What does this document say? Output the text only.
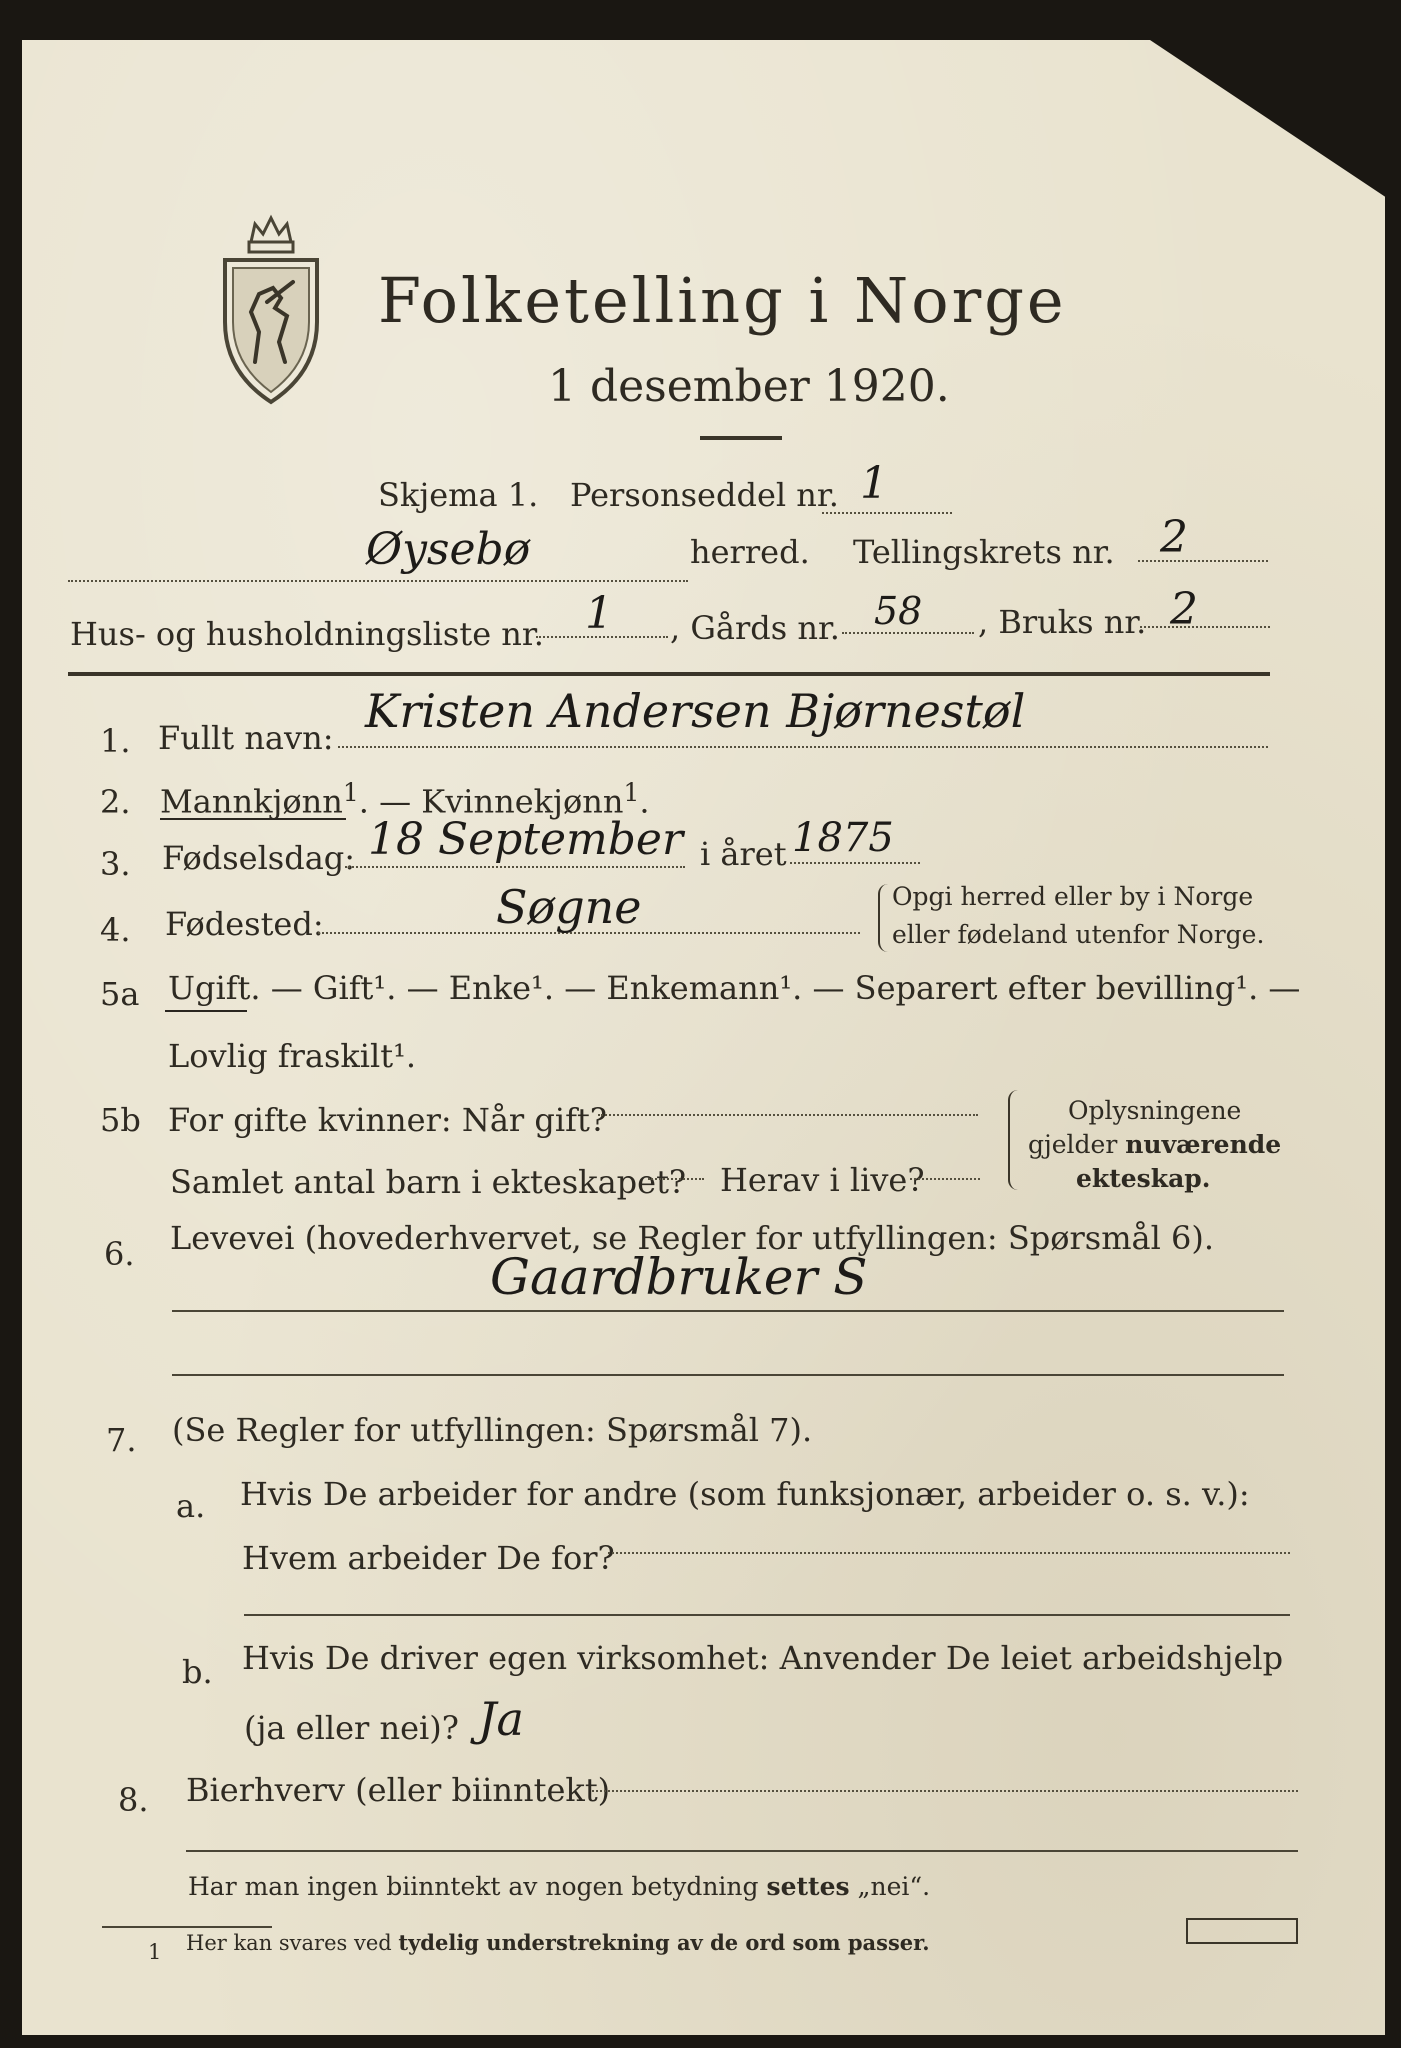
Folketelling i Norge
1 desember 1920.
Skjema 1. Personseddel nr. 1
Øysebø	herred. Tellingskrets nr. 2
Hus- og husholdningsliste nr. 1 , Gårds nr. 58 , Bruks nr. 2
1. Fullt navn: Kristen Andersen Bjørnestøl
2. Mannkjønn$^1$. — Kvinnekjønn$^1$.
3. Fødselsdag: 18 September i året 1875
4. Fødested:	Søgne	Opgi herred eller by i Norge
eller fødeland utenfor Norge.
5a Ugift. — Gift¹. — Enke¹. — Enkemann¹. — Separert efter bevilling¹. —
Lovlig fraskilt¹.
5b For gifte kvinner: Når gift?
Samlet antal barn i ekteskapet? Herav i live?
Oplysningene
gjelder nuværende
ekteskap.
6. Levevei (hovederhvervet, se Regler for utfyllingen: Spørsmål 6).
Gaardbruker S
7. (Se Regler for utfyllingen: Spørsmål 7).
a. Hvis De arbeider for andre (som funksjonær, arbeider o. s. v.):
Hvem arbeider De for?
b. Hvis De driver egen virksomhet: Anvender De leiet arbeidshjelp
(ja eller nei)? Ja
8. Bierhverv (eller biinntekt)
Har man ingen biinntekt av nogen betydning settes „nei“.
1 Her kan svares ved tydelig understrekning av de ord som passer.
